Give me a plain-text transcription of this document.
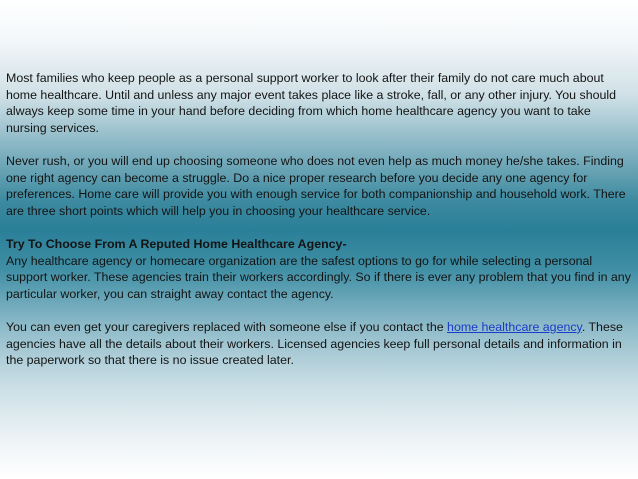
Most families who keep people as a personal support worker to look after their family do not care much about home healthcare. Until and unless any major event takes place like a stroke, fall, or any other injury. You should always keep some time in your hand before deciding from which home healthcare agency you want to take nursing services.

Never rush, or you will end up choosing someone who does not even help as much money he/she takes. Finding one right agency can become a struggle. Do a nice proper research before you decide any one agency for preferences. Home care will provide you with enough service for both companionship and household work. There are three short points which will help you in choosing your healthcare service.

Try To Choose From A Reputed Home Healthcare Agency-
Any healthcare agency or homecare organization are the safest options to go for while selecting a personal support worker. These agencies train their workers accordingly. So if there is ever any problem that you find in any particular worker, you can straight away contact the agency.

You can even get your caregivers replaced with someone else if you contact the home healthcare agency. These agencies have all the details about their workers. Licensed agencies keep full personal details and information in the paperwork so that there is no issue created later.
